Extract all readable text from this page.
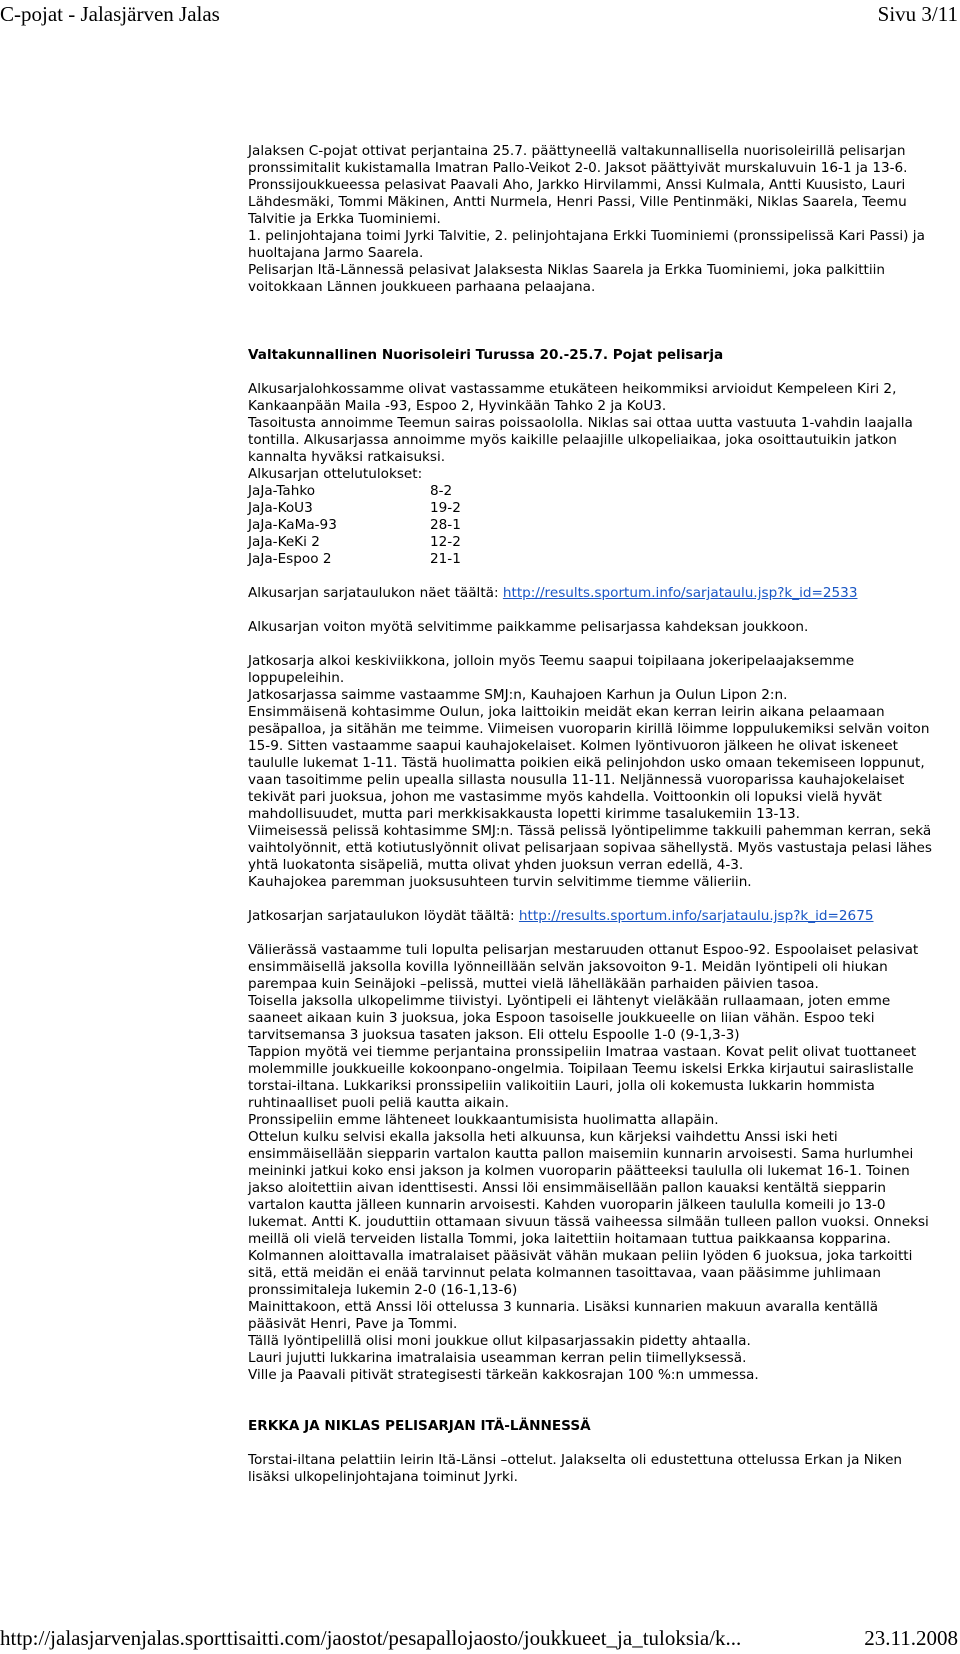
C-pojat - Jalasjärven Jalas	Sivu 3/11

Jalaksen C-pojat ottivat perjantaina 25.7. päättyneellä valtakunnallisella nuorisoleirillä pelisarjan pronssimitalit kukistamalla Imatran Pallo-Veikot 2-0. Jaksot päättyivät murskaluvuin 16-1 ja 13-6.

Pronssijoukkueessa pelasivat Paavali Aho, Jarkko Hirvilammi, Anssi Kulmala, Antti Kuusisto, Lauri Lähdesmäki, Tommi Mäkinen, Antti Nurmela, Henri Passi, Ville Pentinmäki, Niklas Saarela, Teemu Talvitie ja Erkka Tuominiemi.

1. pelinjohtajana toimi Jyrki Talvitie, 2. pelinjohtajana Erkki Tuominiemi (pronssipelissä Kari Passi) ja huoltajana Jarmo Saarela.

Pelisarjan Itä-Lännessä pelasivat Jalaksesta Niklas Saarela ja Erkka Tuominiemi, joka palkittiin voitokkaan Lännen joukkueen parhaana pelaajana.

Valtakunnallinen Nuorisoleiri Turussa 20.-25.7. Pojat pelisarja

Alkusarjalohkossamme olivat vastassamme etukäteen heikommiksi arvioidut Kempeleen Kiri 2, Kankaanpään Maila -93, Espoo 2, Hyvinkään Tahko 2 ja KoU3.

Tasoitusta annoimme Teemun sairas poissaololla. Niklas sai ottaa uutta vastuuta 1-vahdin laajalla tontilla. Alkusarjassa annoimme myös kaikille pelaajille ulkopeliaikaa, joka osoittautuikin jatkon kannalta hyväksi ratkaisuksi.

Alkusarjan ottelutulokset:

JaJa-Tahko	8-2
JaJa-KoU3	19-2
JaJa-KaMa-93	28-1
JaJa-KeKi 2	12-2
JaJa-Espoo 2	21-1

Alkusarjan sarjataulukon näet täältä: http://results.sportum.info/sarjataulu.jsp?k_id=2533

Alkusarjan voiton myötä selvitimme paikkamme pelisarjassa kahdeksan joukkoon.

Jatkosarja alkoi keskiviikkona, jolloin myös Teemu saapui toipilaana jokeripelaajaksemme loppupeleihin.

Jatkosarjassa saimme vastaamme SMJ:n, Kauhajoen Karhun ja Oulun Lipon 2:n.

Ensimmäisenä kohtasimme Oulun, joka laittoikin meidät ekan kerran leirin aikana pelaamaan pesäpalloa, ja sitähän me teimme. Viimeisen vuoroparin kirillä löimme loppulukemiksi selvän voiton 15-9. Sitten vastaamme saapui kauhajokelaiset. Kolmen lyöntivuoron jälkeen he olivat iskeneet taululle lukemat 1-11. Tästä huolimatta poikien eikä pelinjohdon usko omaan tekemiseen loppunut, vaan tasoitimme pelin upealla sillasta nousulla 11-11. Neljännessä vuoroparissa kauhajokelaiset tekivät pari juoksua, johon me vastasimme myös kahdella. Voittoonkin oli lopuksi vielä hyvät mahdollisuudet, mutta pari merkkisakkausta lopetti kirimme tasalukemiin 13-13.

Viimeisessä pelissä kohtasimme SMJ:n. Tässä pelissä lyöntipelimme takkuili pahemman kerran, sekä vaihtolyönnit, että kotiutuslyönnit olivat pelisarjaan sopivaa sähellystä. Myös vastustaja pelasi lähes yhtä luokatonta sisäpeliä, mutta olivat yhden juoksun verran edellä, 4-3.

Kauhajokea paremman juoksusuhteen turvin selvitimme tiemme välieriin.

Jatkosarjan sarjataulukon löydät täältä: http://results.sportum.info/sarjataulu.jsp?k_id=2675

Välierässä vastaamme tuli lopulta pelisarjan mestaruuden ottanut Espoo-92. Espoolaiset pelasivat ensimmäisellä jaksolla kovilla lyönneillään selvän jaksovoiton 9-1. Meidän lyöntipeli oli hiukan parempaa kuin Seinäjoki –pelissä, muttei vielä lähelläkään parhaiden päivien tasoa.

Toisella jaksolla ulkopelimme tiivistyi. Lyöntipeli ei lähtenyt vieläkään rullaamaan, joten emme saaneet aikaan kuin 3 juoksua, joka Espoon tasoiselle joukkueelle on liian vähän. Espoo teki tarvitsemansa 3 juoksua tasaten jakson. Eli ottelu Espoolle 1-0 (9-1,3-3)

Tappion myötä vei tiemme perjantaina pronssipeliin Imatraa vastaan. Kovat pelit olivat tuottaneet molemmille joukkueille kokoonpano-ongelmia. Toipilaan Teemu iskelsi Erkka kirjautui sairaslistalle torstai-iltana. Lukkariksi pronssipeliin valikoitiin Lauri, jolla oli kokemusta lukkarin hommista ruhtinaalliset puoli peliä kautta aikain.

Pronssipeliin emme lähteneet loukkaantumisista huolimatta allapäin.

Ottelun kulku selvisi ekalla jaksolla heti alkuunsa, kun kärjeksi vaihdettu Anssi iski heti ensimmäisellään siepparin vartalon kautta pallon maisemiin kunnarin arvoisesti. Sama hurlumhei meininki jatkui koko ensi jakson ja kolmen vuoroparin päätteeksi taululla oli lukemat 16-1. Toinen jakso aloitettiin aivan identtisesti. Anssi löi ensimmäisellään pallon kauaksi kentältä siepparin vartalon kautta jälleen kunnarin arvoisesti. Kahden vuoroparin jälkeen taululla komeili jo 13-0 lukemat. Antti K. jouduttiin ottamaan sivuun tässä vaiheessa silmään tulleen pallon vuoksi. Onneksi meillä oli vielä terveiden listalla Tommi, joka laitettiin hoitamaan tuttua paikkaansa kopparina.

Kolmannen aloittavalla imatralaiset pääsivät vähän mukaan peliin lyöden 6 juoksua, joka tarkoitti sitä, että meidän ei enää tarvinnut pelata kolmannen tasoittavaa, vaan pääsimme juhlimaan pronssimitaleja lukemin 2-0 (16-1,13-6)

Mainittakoon, että Anssi löi ottelussa 3 kunnaria. Lisäksi kunnarien makuun avaralla kentällä pääsivät Henri, Pave ja Tommi.

Tällä lyöntipelillä olisi moni joukkue ollut kilpasarjassakin pidetty ahtaalla.

Lauri jujutti lukkarina imatralaisia useamman kerran pelin tiimellyksessä.

Ville ja Paavali pitivät strategisesti tärkeän kakkosrajan 100 %:n ummessa.

ERKKA JA NIKLAS PELISARJAN ITÄ-LÄNNESSÄ

Torstai-iltana pelattiin leirin Itä-Länsi –ottelut. Jalakselta oli edustettuna ottelussa Erkan ja Niken lisäksi ulkopelinjohtajana toiminut Jyrki.

http://jalasjarvenjalas.sporttisaitti.com/jaostot/pesapallojaosto/joukkueet_ja_tuloksia/k...	23.11.2008
